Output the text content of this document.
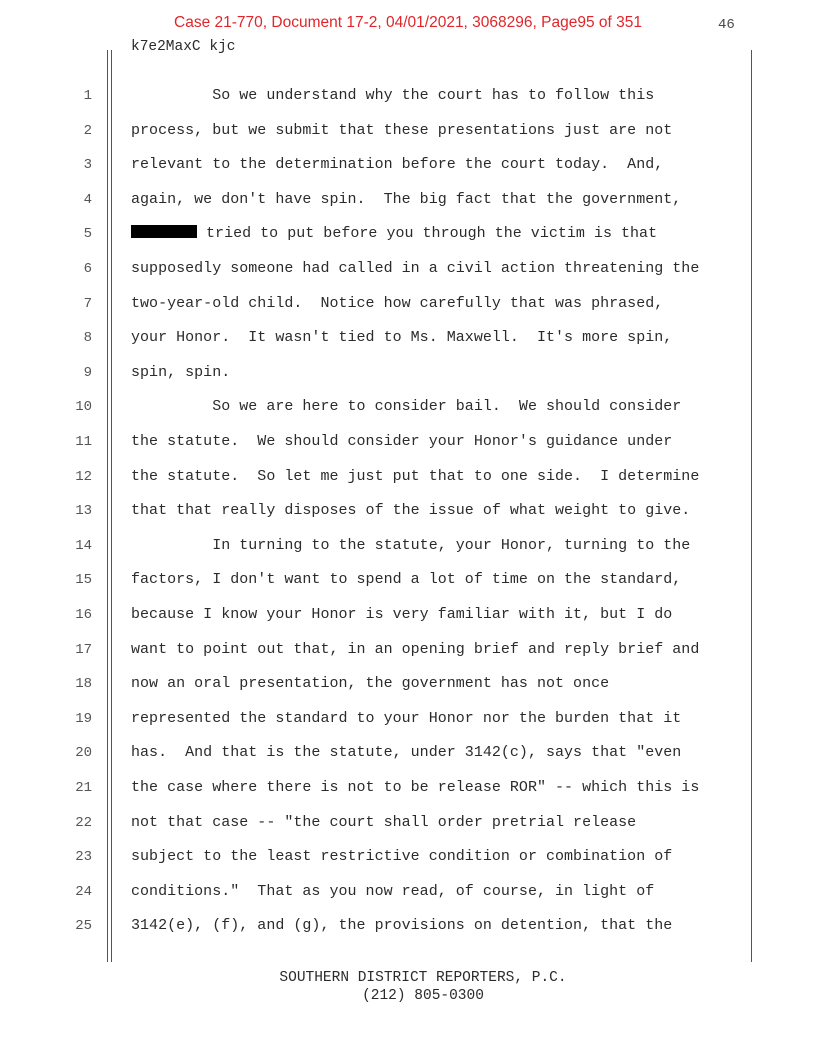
Case 21-770, Document 17-2, 04/01/2021, 3068296, Page95 of 351	46
k7e2MaxC kjc
1	So we understand why the court has to follow this
2	process, but we submit that these presentations just are not
3	relevant to the determination before the court today.  And,
4	again, we don't have spin.  The big fact that the government,
5	tried to put before you through the victim is that
6	supposedly someone had called in a civil action threatening the
7	two-year-old child.  Notice how carefully that was phrased,
8	your Honor.  It wasn't tied to Ms. Maxwell.  It's more spin,
9	spin, spin.
10	So we are here to consider bail.  We should consider
11	the statute.  We should consider your Honor's guidance under
12	the statute.  So let me just put that to one side.  I determine
13	that that really disposes of the issue of what weight to give.
14	In turning to the statute, your Honor, turning to the
15	factors, I don't want to spend a lot of time on the standard,
16	because I know your Honor is very familiar with it, but I do
17	want to point out that, in an opening brief and reply brief and
18	now an oral presentation, the government has not once
19	represented the standard to your Honor nor the burden that it
20	has.  And that is the statute, under 3142(c), says that "even
21	the case where there is not to be release ROR" -- which this is
22	not that case -- "the court shall order pretrial release
23	subject to the least restrictive condition or combination of
24	conditions."  That as you now read, of course, in light of
25	3142(e), (f), and (g), the provisions on detention, that the
SOUTHERN DISTRICT REPORTERS, P.C.
(212) 805-0300
